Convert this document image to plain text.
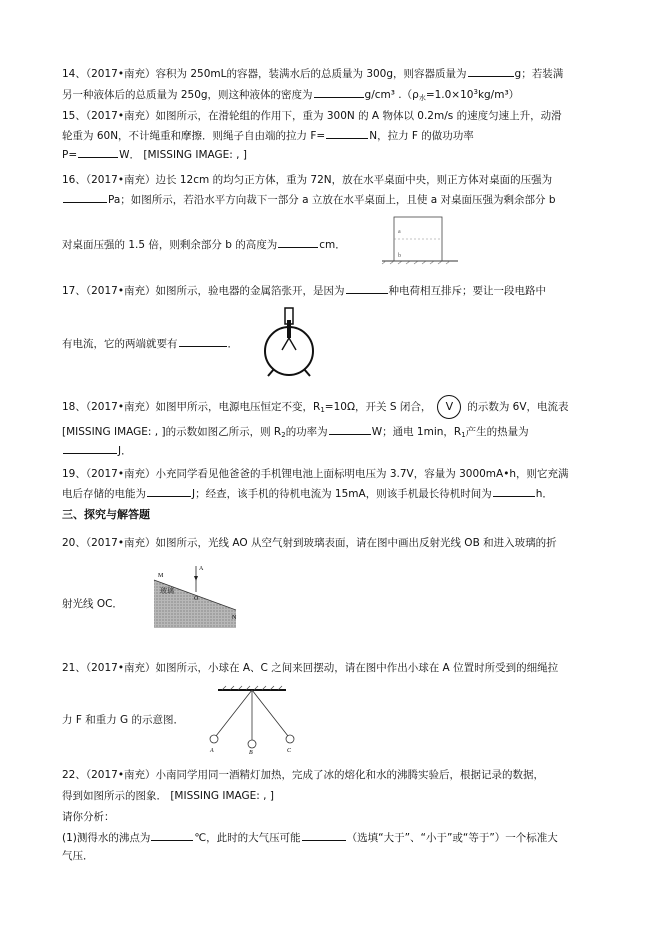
14、（2017•南充）容积为 250mL的容器，装满水后的总质量为 300g，则容器质量为	g；若装满
另一种液体后的总质量为 250g，则这种液体的密度为	g/cm³ $.(\rho_水=1.0\times 10^3kg/m^3)$
15、（2017•南充）如图所示，在滑轮组的作用下，重为 300N 的 A 物体以 0.2m/s 的速度匀速上升，动滑
轮重为 60N，不计绳重和摩擦．则绳子自由端的拉力 F=	N，拉力 F 的做功功率
P=	W． [MISSING IMAGE: , ]
16、（2017•南充）边长 12cm 的均匀正方体，重为 72N，放在水平桌面中央，则正方体对桌面的压强为
Pa；如图所示，若沿水平方向裁下一部分 a 立放在水平桌面上，且使 a 对桌面压强为剩余部分 b
对桌面压强的 1.5 倍，则剩余部分 b 的高度为	cm．
a
b
17、（2017•南充）如图所示，验电器的金属箔张开，是因为	种电荷相互排斥；要让一段电路中
有电流，它的两端就要有	．
18、（2017•南充）如图甲所示，电源电压恒定不变，$R_1=10\Omega$，开关 S 闭合， V 的示数为 6V，电流表
[MISSING IMAGE: , ]的示数如图乙所示，则 $R_2$的功率为	W；通电 1min，$R_1$产生的热量为
J．
19、（2017•南充）小充同学看见他爸爸的手机锂电池上面标明电压为 3.7V，容量为 3000mA•h，则它充满
电后存储的电能为	J；经查，该手机的待机电流为 15mA，则该手机最长待机时间为	h．
三、探究与解答题
20、（2017•南充）如图所示，光线 AO 从空气射到玻璃表面，请在图中画出反射光线 OB 和进入玻璃的折
射光线 OC．
A
M
O
N
玻璃
21、（2017•南充）如图所示，小球在 A、C 之间来回摆动，请在图中作出小球在 A 位置时所受到的细绳拉
力 F 和重力 G 的示意图．
A	B	C
22、（2017•南充）小南同学用同一酒精灯加热，完成了冰的熔化和水的沸腾实验后，根据记录的数据，
得到如图所示的图象． [MISSING IMAGE: , ]
请你分析：
(1)测得水的沸点为	℃，此时的大气压可能	（选填“大于”、“小于”或“等于”）一个标准大
气压．
